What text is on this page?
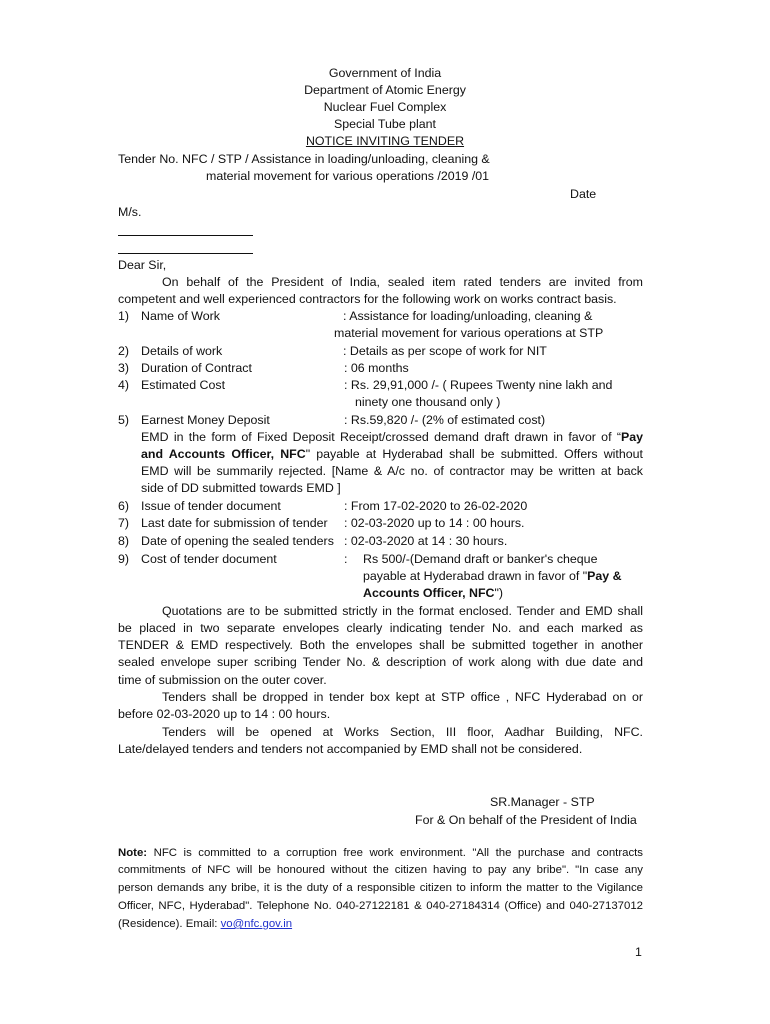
Government of India
Department of Atomic Energy
Nuclear Fuel Complex
Special Tube plant
NOTICE INVITING TENDER
Tender No. NFC / STP / Assistance in loading/unloading, cleaning &
material movement for various operations /2019 /01
Date
M/s.
Dear Sir,
On behalf of the President of India, sealed item rated tenders are invited from
competent and well experienced contractors for the following work on works contract basis.
1) Name of Work	: Assistance for loading/unloading, cleaning &
material movement for various operations at STP
2) Details of work	: Details as per scope of work for NIT
3) Duration of Contract	: 06 months
4) Estimated Cost	: Rs. 29,91,000 /- ( Rupees Twenty nine lakh and
ninety one thousand only )
5) Earnest Money Deposit	: Rs.59,820 /- (2% of estimated cost)
EMD in the form of Fixed Deposit Receipt/crossed demand draft drawn in favor of “Pay
and Accounts Officer, NFC" payable at Hyderabad shall be submitted. Offers without
EMD will be summarily rejected. [Name & A/c no. of contractor may be written at back
side of DD submitted towards EMD ]
6) Issue of tender document	: From 17-02-2020 to 26-02-2020
7) Last date for submission of tender : 02-03-2020 up to 14 : 00 hours.
8) Date of opening the sealed tenders : 02-03-2020 at 14 : 30 hours.
9) Cost of tender document	: Rs 500/-(Demand draft or banker's cheque
payable at Hyderabad drawn in favor of "Pay &
Accounts Officer, NFC")
Quotations are to be submitted strictly in the format enclosed. Tender and EMD shall
be placed in two separate envelopes clearly indicating tender No. and each marked as
TENDER & EMD respectively. Both the envelopes shall be submitted together in another
sealed envelope super scribing Tender No. & description of work along with due date and
time of submission on the outer cover.
Tenders shall be dropped in tender box kept at STP office , NFC Hyderabad on or
before 02-03-2020 up to 14 : 00 hours.
Tenders will be opened at Works Section, III floor, Aadhar Building, NFC.
Late/delayed tenders and tenders not accompanied by EMD shall not be considered.
SR.Manager - STP
For & On behalf of the President of India
Note: NFC is committed to a corruption free work environment. "All the purchase and contracts
commitments of NFC will be honoured without the citizen having to pay any bribe". "In case any
person demands any bribe, it is the duty of a responsible citizen to inform the matter to the Vigilance
Officer, NFC, Hyderabad". Telephone No. 040-27122181 & 040-27184314 (Office) and 040-27137012
(Residence). Email: vo@nfc.gov.in
1
